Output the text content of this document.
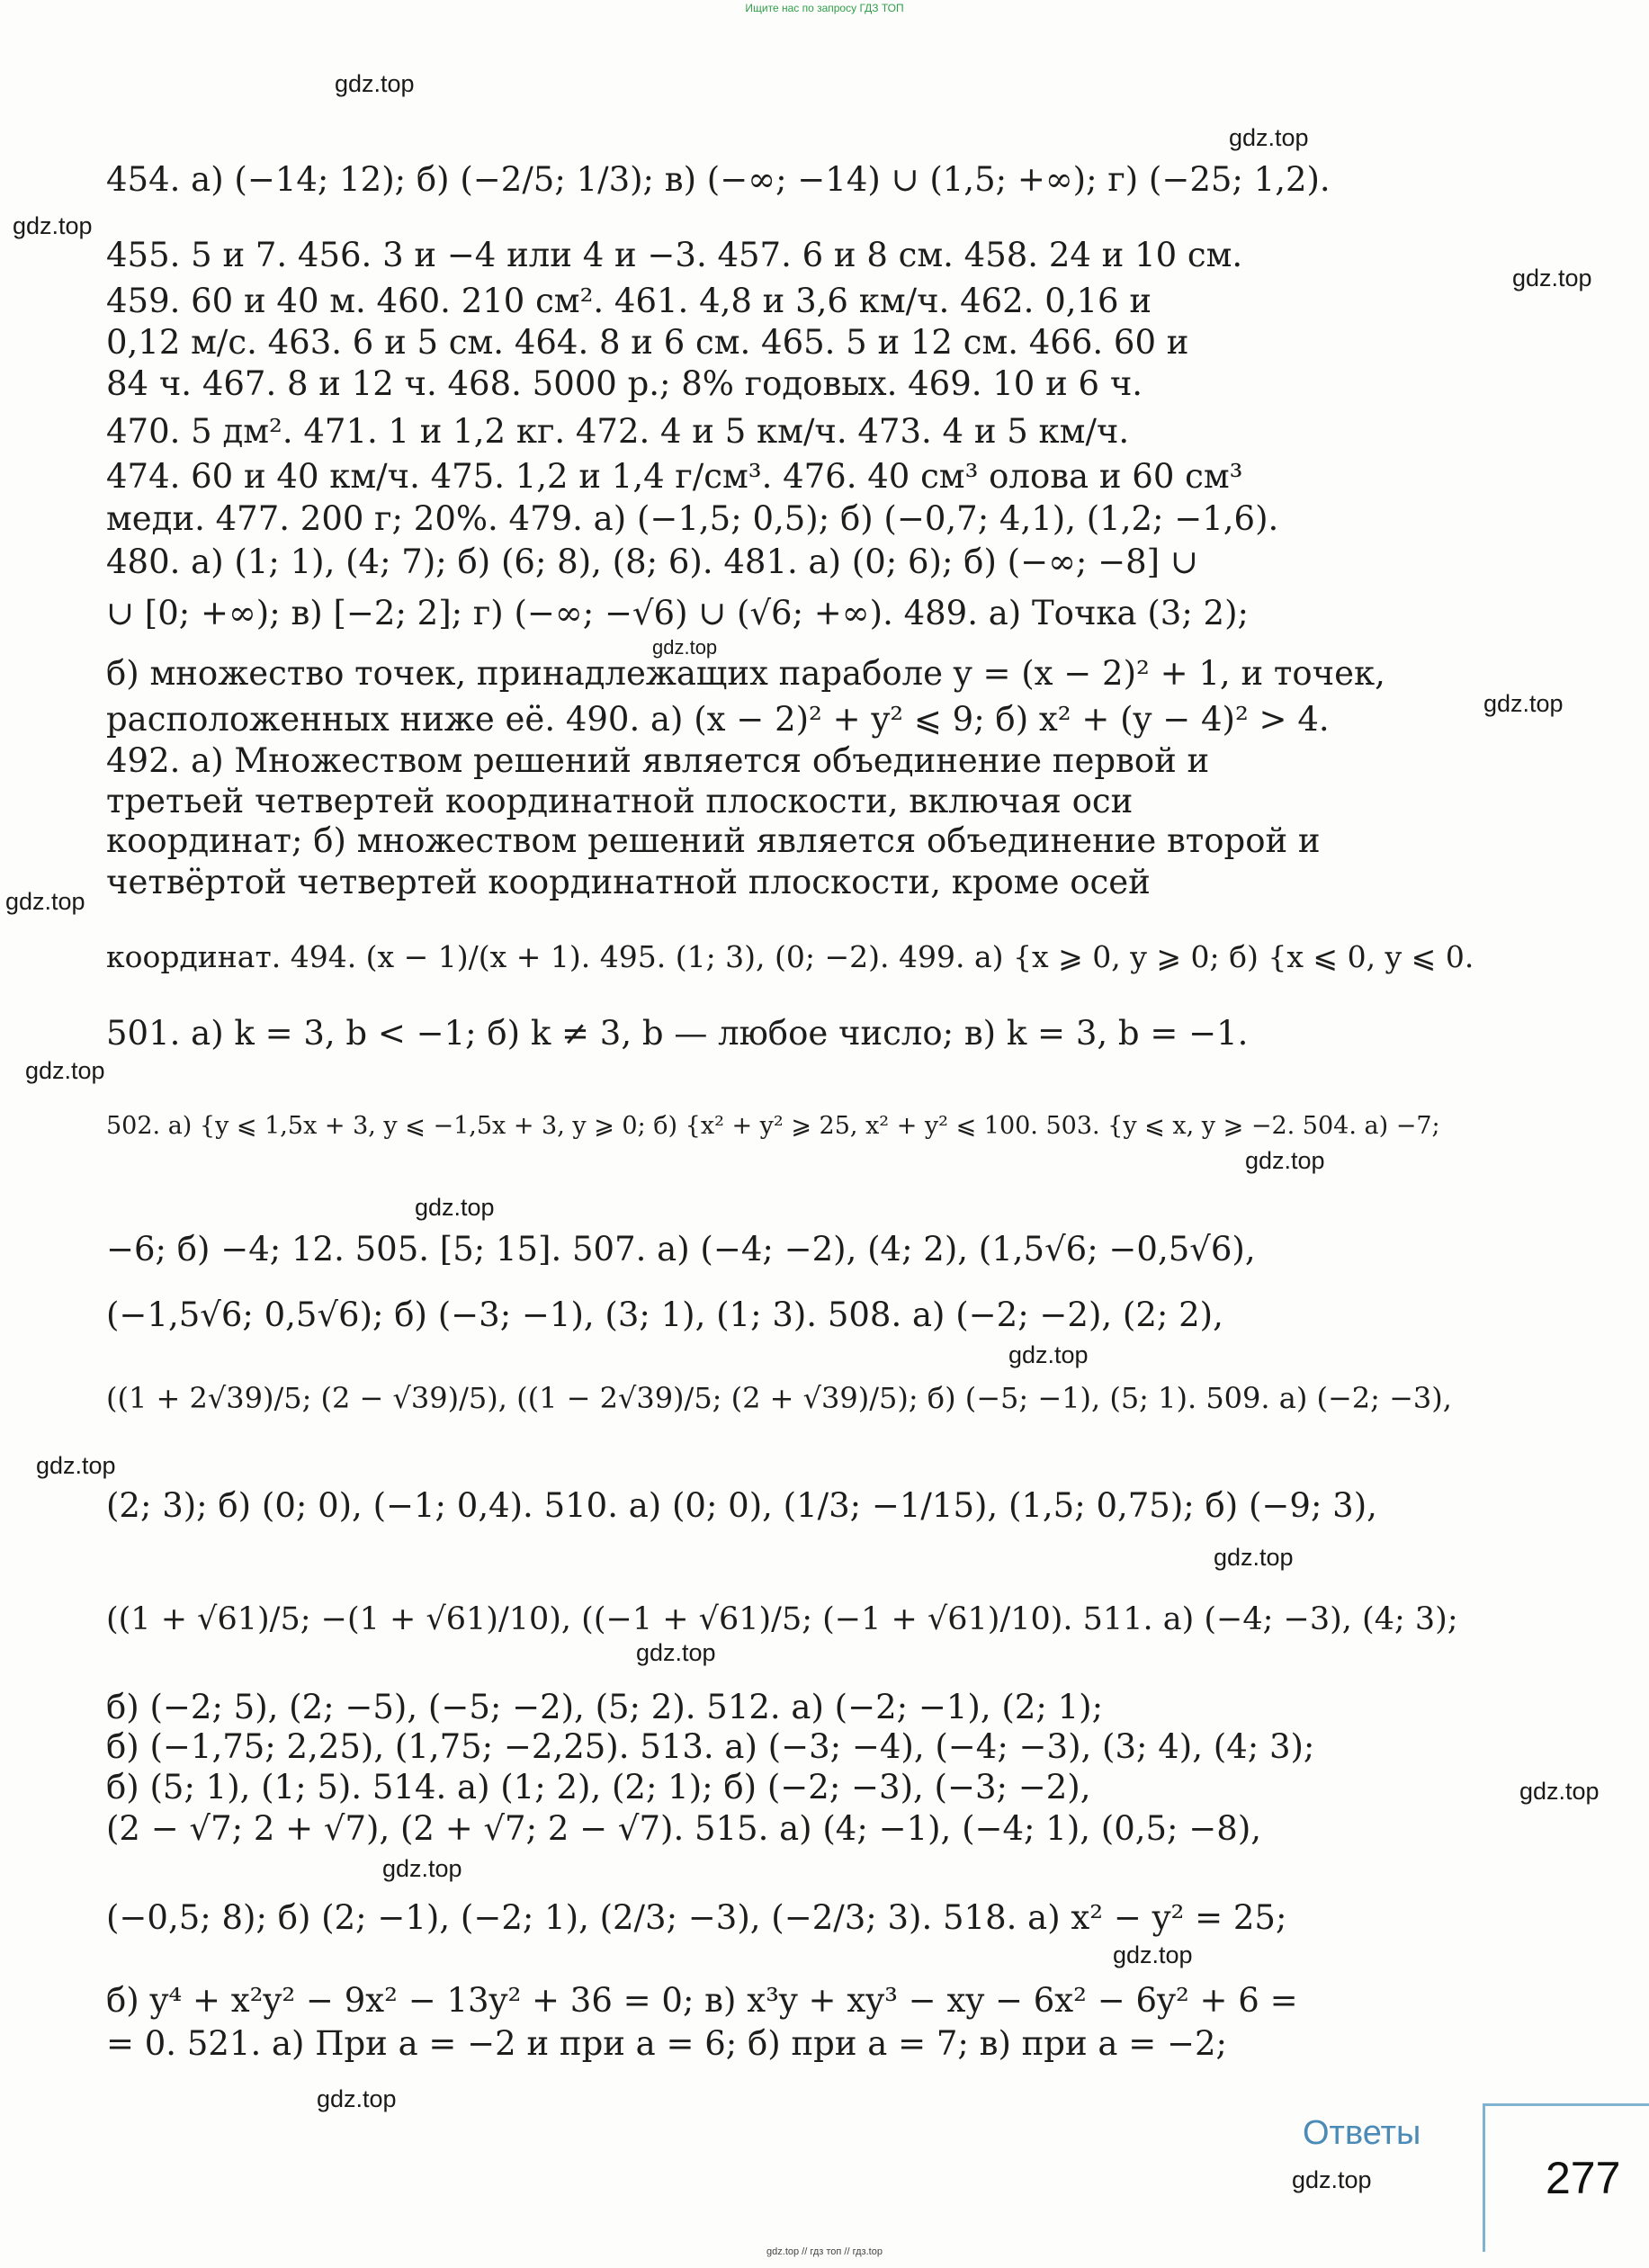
Ищите нас по запросу ГДЗ ТОП
gdz.top
gdz.top
gdz.top
gdz.top
gdz.top
gdz.top
gdz.top
gdz.top
gdz.top
gdz.top
gdz.top
gdz.top
gdz.top
gdz.top
gdz.top
gdz.top
gdz.top
gdz.top
gdz.top
454. а) (−14; 12); б) (−2/5; 1/3); в) (−∞; −14) ∪ (1,5; +∞); г) (−25; 1,2).
455. 5 и 7. 456. 3 и −4 или 4 и −3. 457. 6 и 8 см. 458. 24 и 10 см.
459. 60 и 40 м. 460. 210 см². 461. 4,8 и 3,6 км/ч. 462. 0,16 и
0,12 м/с. 463. 6 и 5 см. 464. 8 и 6 см. 465. 5 и 12 см. 466. 60 и
84 ч. 467. 8 и 12 ч. 468. 5000 р.; 8% годовых. 469. 10 и 6 ч.
470. 5 дм². 471. 1 и 1,2 кг. 472. 4 и 5 км/ч. 473. 4 и 5 км/ч.
474. 60 и 40 км/ч. 475. 1,2 и 1,4 г/см³. 476. 40 см³ олова и 60 см³
меди. 477. 200 г; 20%. 479. а) (−1,5; 0,5); б) (−0,7; 4,1), (1,2; −1,6).
480. а) (1; 1), (4; 7); б) (6; 8), (8; 6). 481. а) (0; 6); б) (−∞; −8] ∪
∪ [0; +∞); в) [−2; 2]; г) (−∞; −√6) ∪ (√6; +∞). 489. а) Точка (3; 2);
б) множество точек, принадлежащих параболе y = (x − 2)² + 1, и точек,
расположенных ниже её. 490. а) (x − 2)² + y² ⩽ 9; б) x² + (y − 4)² > 4.
492. а) Множеством решений является объединение первой и
третьей четвертей координатной плоскости, включая оси
координат; б) множеством решений является объединение второй и
четвёртой четвертей координатной плоскости, кроме осей
координат. 494. (x − 1)/(x + 1). 495. (1; 3), (0; −2). 499. а) {x ⩾ 0, y ⩾ 0; б) {x ⩽ 0, y ⩽ 0.
501. а) k = 3, b < −1; б) k ≠ 3, b — любое число; в) k = 3, b = −1.
502. а) {y ⩽ 1,5x + 3, y ⩽ −1,5x + 3, y ⩾ 0; б) {x² + y² ⩾ 25, x² + y² ⩽ 100. 503. {y ⩽ x, y ⩾ −2. 504. а) −7;
−6; б) −4; 12. 505. [5; 15]. 507. а) (−4; −2), (4; 2), (1,5√6; −0,5√6),
(−1,5√6; 0,5√6); б) (−3; −1), (3; 1), (1; 3). 508. а) (−2; −2), (2; 2),
((1 + 2√39)/5; (2 − √39)/5), ((1 − 2√39)/5; (2 + √39)/5); б) (−5; −1), (5; 1). 509. а) (−2; −3),
(2; 3); б) (0; 0), (−1; 0,4). 510. а) (0; 0), (1/3; −1/15), (1,5; 0,75); б) (−9; 3),
((1 + √61)/5; −(1 + √61)/10), ((−1 + √61)/5; (−1 + √61)/10). 511. а) (−4; −3), (4; 3);
б) (−2; 5), (2; −5), (−5; −2), (5; 2). 512. а) (−2; −1), (2; 1);
б) (−1,75; 2,25), (1,75; −2,25). 513. а) (−3; −4), (−4; −3), (3; 4), (4; 3);
б) (5; 1), (1; 5). 514. а) (1; 2), (2; 1); б) (−2; −3), (−3; −2),
(2 − √7; 2 + √7), (2 + √7; 2 − √7). 515. а) (4; −1), (−4; 1), (0,5; −8),
(−0,5; 8); б) (2; −1), (−2; 1), (2/3; −3), (−2/3; 3). 518. а) x² − y² = 25;
б) y⁴ + x²y² − 9x² − 13y² + 36 = 0; в) x³y + xy³ − xy − 6x² − 6y² + 6 =
= 0. 521. а) При a = −2 и при a = 6; б) при a = 7; в) при a = −2;
Ответы
277
gdz.top // гдз топ // гдз.top
